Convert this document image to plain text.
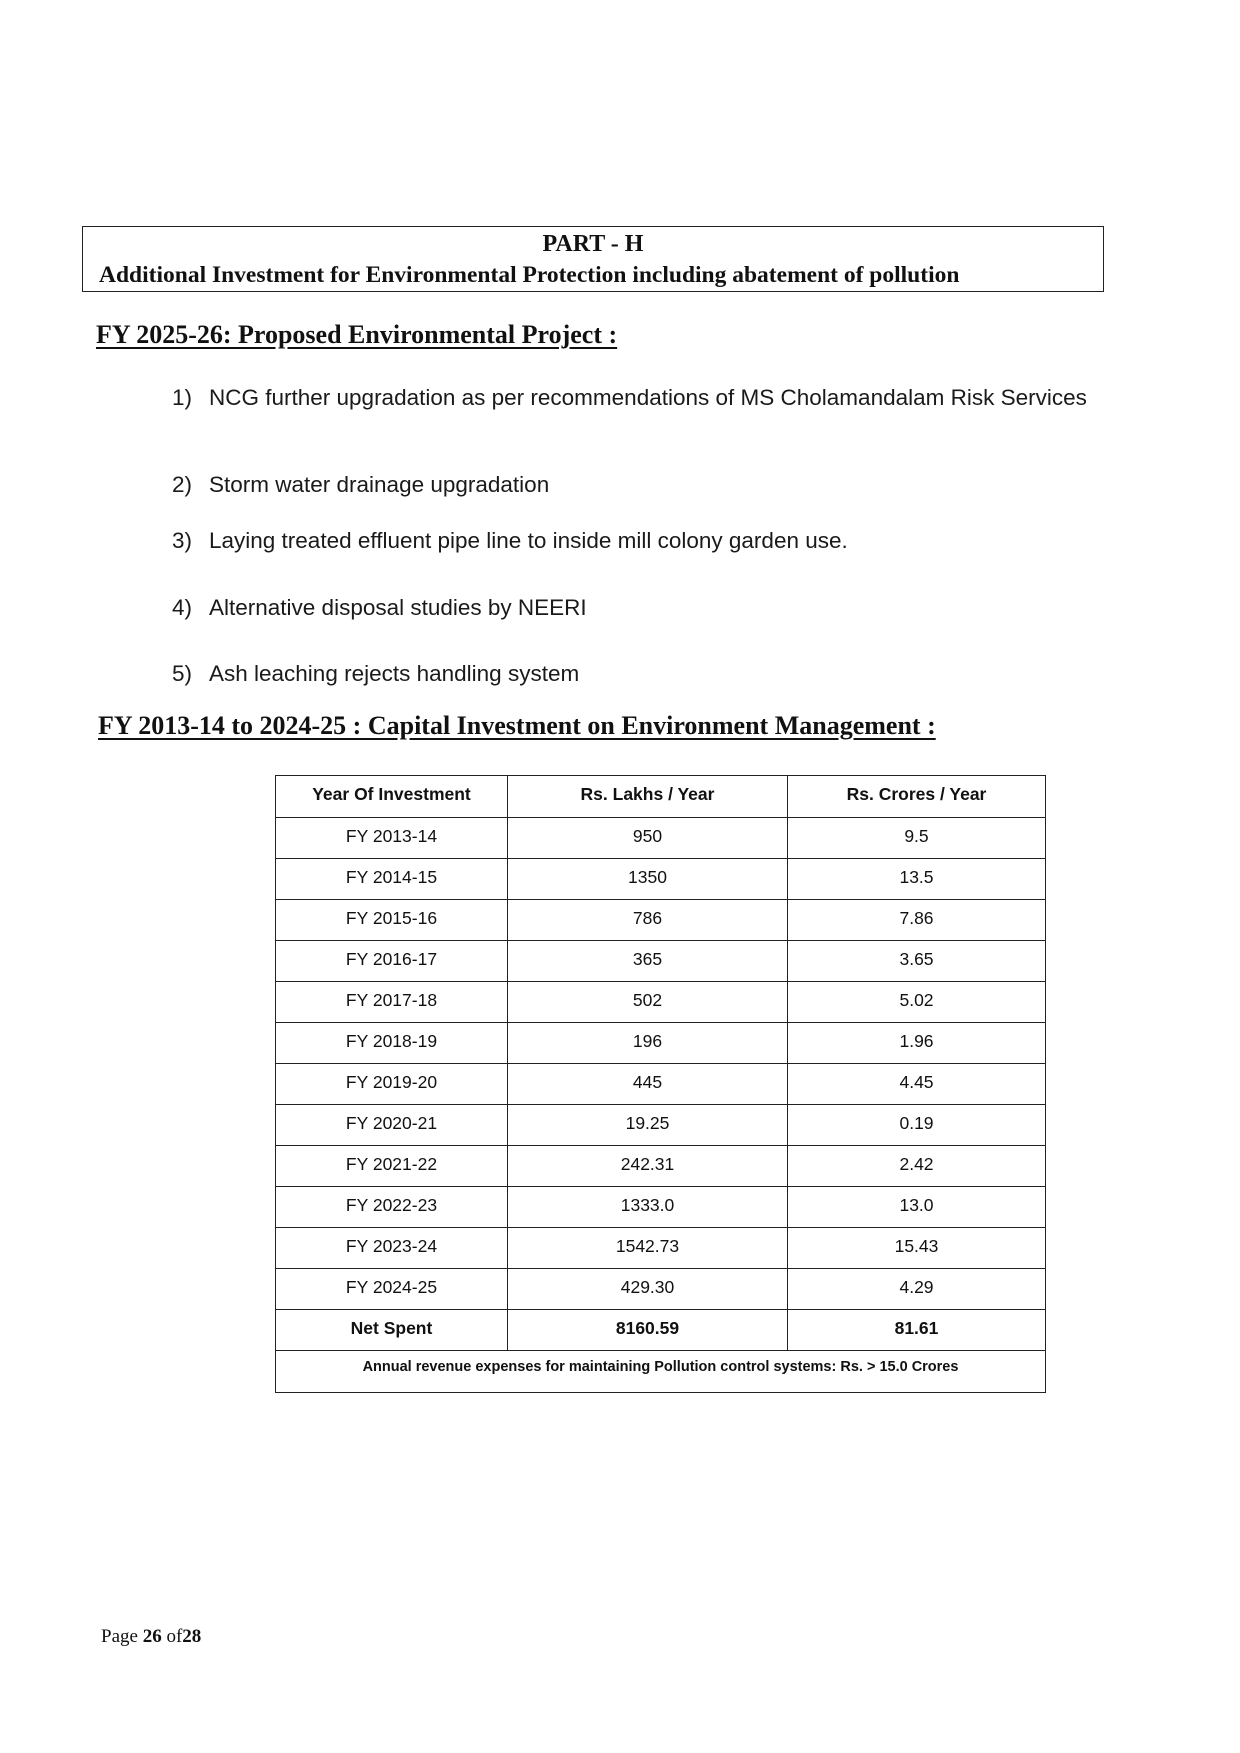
PART - H
Additional Investment for Environmental Protection including abatement of pollution
FY 2025-26: Proposed Environmental Project :
1) NCG further upgradation as per recommendations of MS Cholamandalam Risk Services
2) Storm water drainage upgradation
3) Laying treated effluent pipe line to inside mill colony garden use.
4) Alternative disposal studies by NEERI
5) Ash leaching rejects handling system
FY 2013-14 to 2024-25 : Capital Investment on Environment Management :
Year Of Investment	Rs. Lakhs / Year	Rs. Crores / Year
FY 2013-14	950	9.5
FY 2014-15	1350	13.5
FY 2015-16	786	7.86
FY 2016-17	365	3.65
FY 2017-18	502	5.02
FY 2018-19	196	1.96
FY 2019-20	445	4.45
FY 2020-21	19.25	0.19
FY 2021-22	242.31	2.42
FY 2022-23	1333.0	13.0
FY 2023-24	1542.73	15.43
FY 2024-25	429.30	4.29
Net Spent	8160.59	81.61
Annual revenue expenses for maintaining Pollution control systems: Rs. > 15.0 Crores		
Page 26 of28
